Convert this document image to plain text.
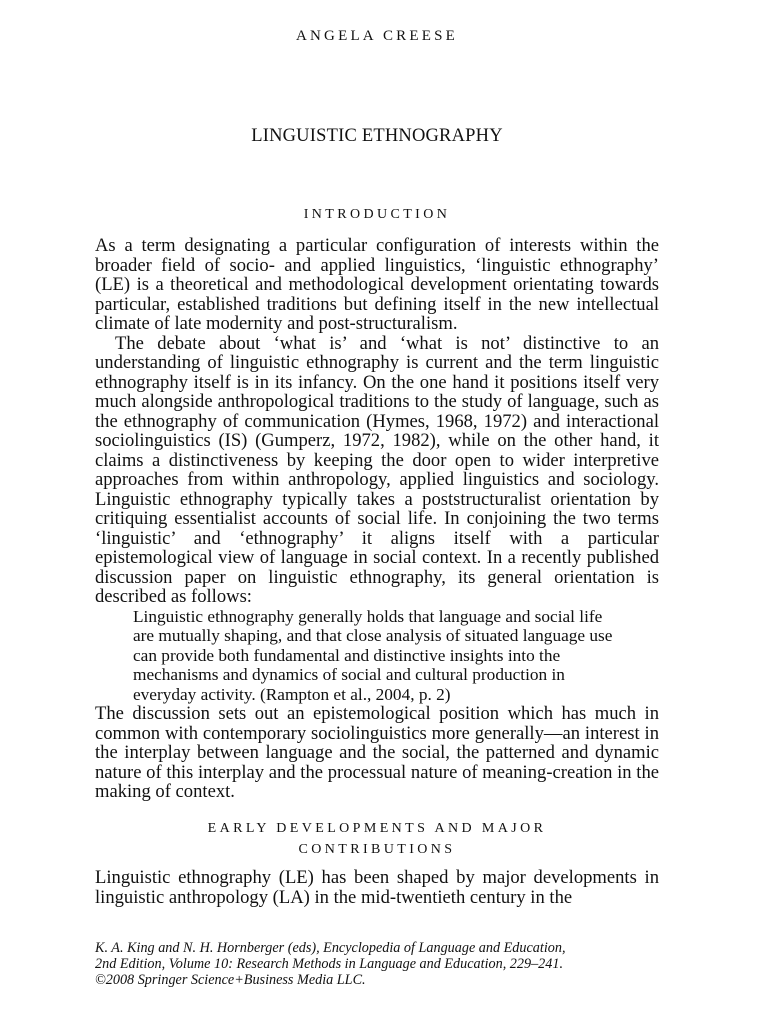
ANGELA CREESE
LINGUISTIC ETHNOGRAPHY
INTRODUCTION

As a term designating a particular configuration of interests within the broader field of socio- and applied linguistics, ‘linguistic ethnography’ (LE) is a theoretical and methodological development orientating towards particular, established traditions but defining itself in the new intellectual climate of late modernity and post-structuralism.

The debate about ‘what is’ and ‘what is not’ distinctive to an understanding of linguistic ethnography is current and the term linguistic ethnography itself is in its infancy. On the one hand it positions itself very much alongside anthropological traditions to the study of language, such as the ethnography of communication (Hymes, 1968, 1972) and interactional sociolinguistics (IS) (Gumperz, 1972, 1982), while on the other hand, it claims a distinctiveness by keeping the door open to wider interpretive approaches from within anthropology, applied linguistics and sociology. Linguistic ethnography typically takes a poststructuralist orientation by critiquing essentialist accounts of social life. In conjoining the two terms ‘linguistic’ and ‘ethnography’ it aligns itself with a particular epistemological view of language in social context. In a recently published discussion paper on linguistic ethnography, its general orientation is described as follows:

Linguistic ethnography generally holds that language and social life are mutually shaping, and that close analysis of situated language use can provide both fundamental and distinctive insights into the mechanisms and dynamics of social and cultural production in everyday activity. (Rampton et al., 2004, p. 2)

The discussion sets out an epistemological position which has much in common with contemporary sociolinguistics more generally—an interest in the interplay between language and the social, the patterned and dynamic nature of this interplay and the processual nature of meaning-creation in the making of context.

EARLY DEVELOPMENTS AND MAJOR
CONTRIBUTIONS

Linguistic ethnography (LE) has been shaped by major developments in linguistic anthropology (LA) in the mid-twentieth century in the

K. A. King and N. H. Hornberger (eds), Encyclopedia of Language and Education,
2nd Edition, Volume 10: Research Methods in Language and Education, 229–241.
©2008 Springer Science+Business Media LLC.
